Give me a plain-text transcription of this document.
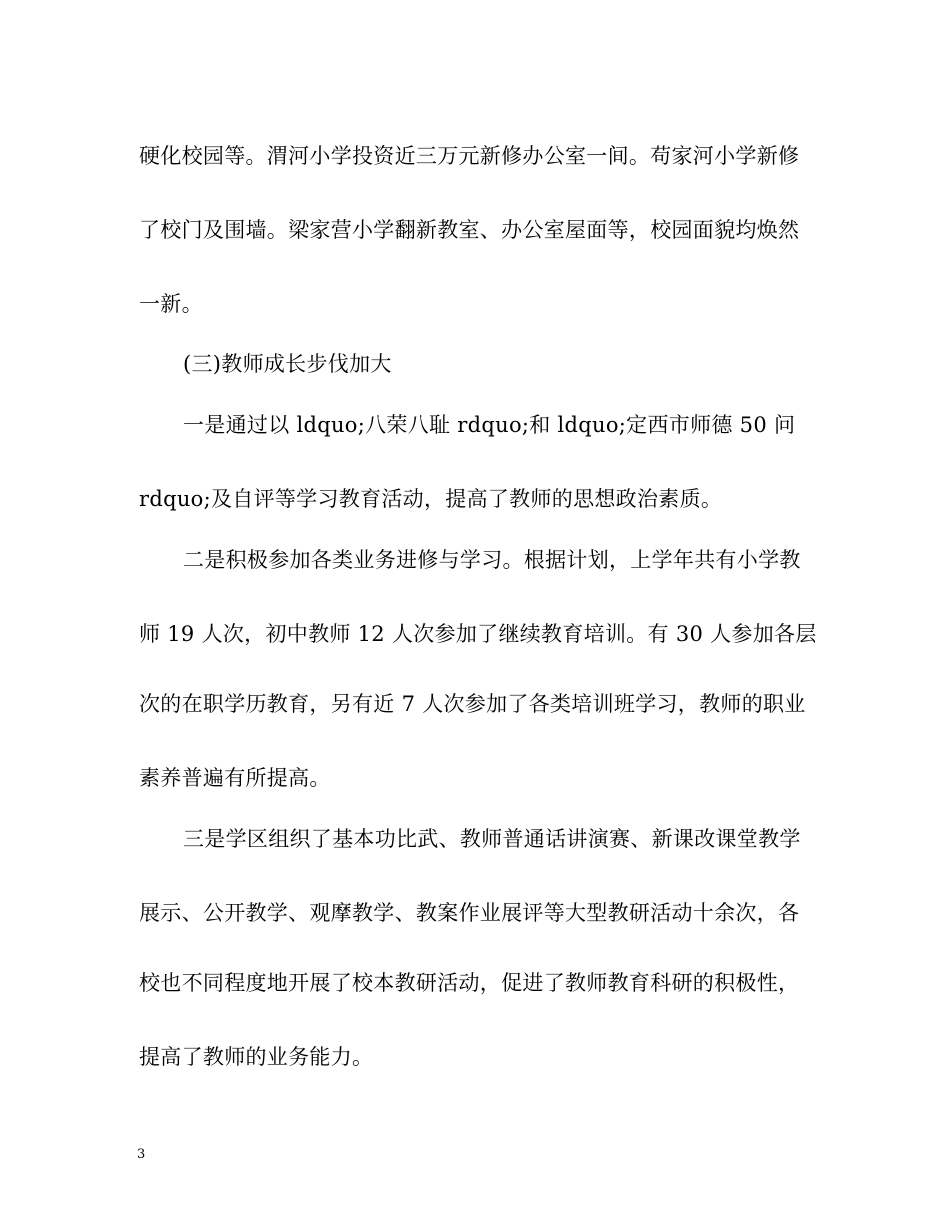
硬化校园等。渭河小学投资近三万元新修办公室一间。苟家河小学新修
了校门及围墙。梁家营小学翻新教室、办公室屋面等，校园面貌均焕然
一新。
(三)教师成长步伐加大
一是通过以 ldquo;八荣八耻 rdquo;和 ldquo;定西市师德 50 问
rdquo;及自评等学习教育活动，提高了教师的思想政治素质。
二是积极参加各类业务进修与学习。根据计划，上学年共有小学教
师 19 人次，初中教师 12 人次参加了继续教育培训。有 30 人参加各层
次的在职学历教育，另有近 7 人次参加了各类培训班学习，教师的职业
素养普遍有所提高。
三是学区组织了基本功比武、教师普通话讲演赛、新课改课堂教学
展示、公开教学、观摩教学、教案作业展评等大型教研活动十余次，各
校也不同程度地开展了校本教研活动，促进了教师教育科研的积极性，
提高了教师的业务能力。
3
